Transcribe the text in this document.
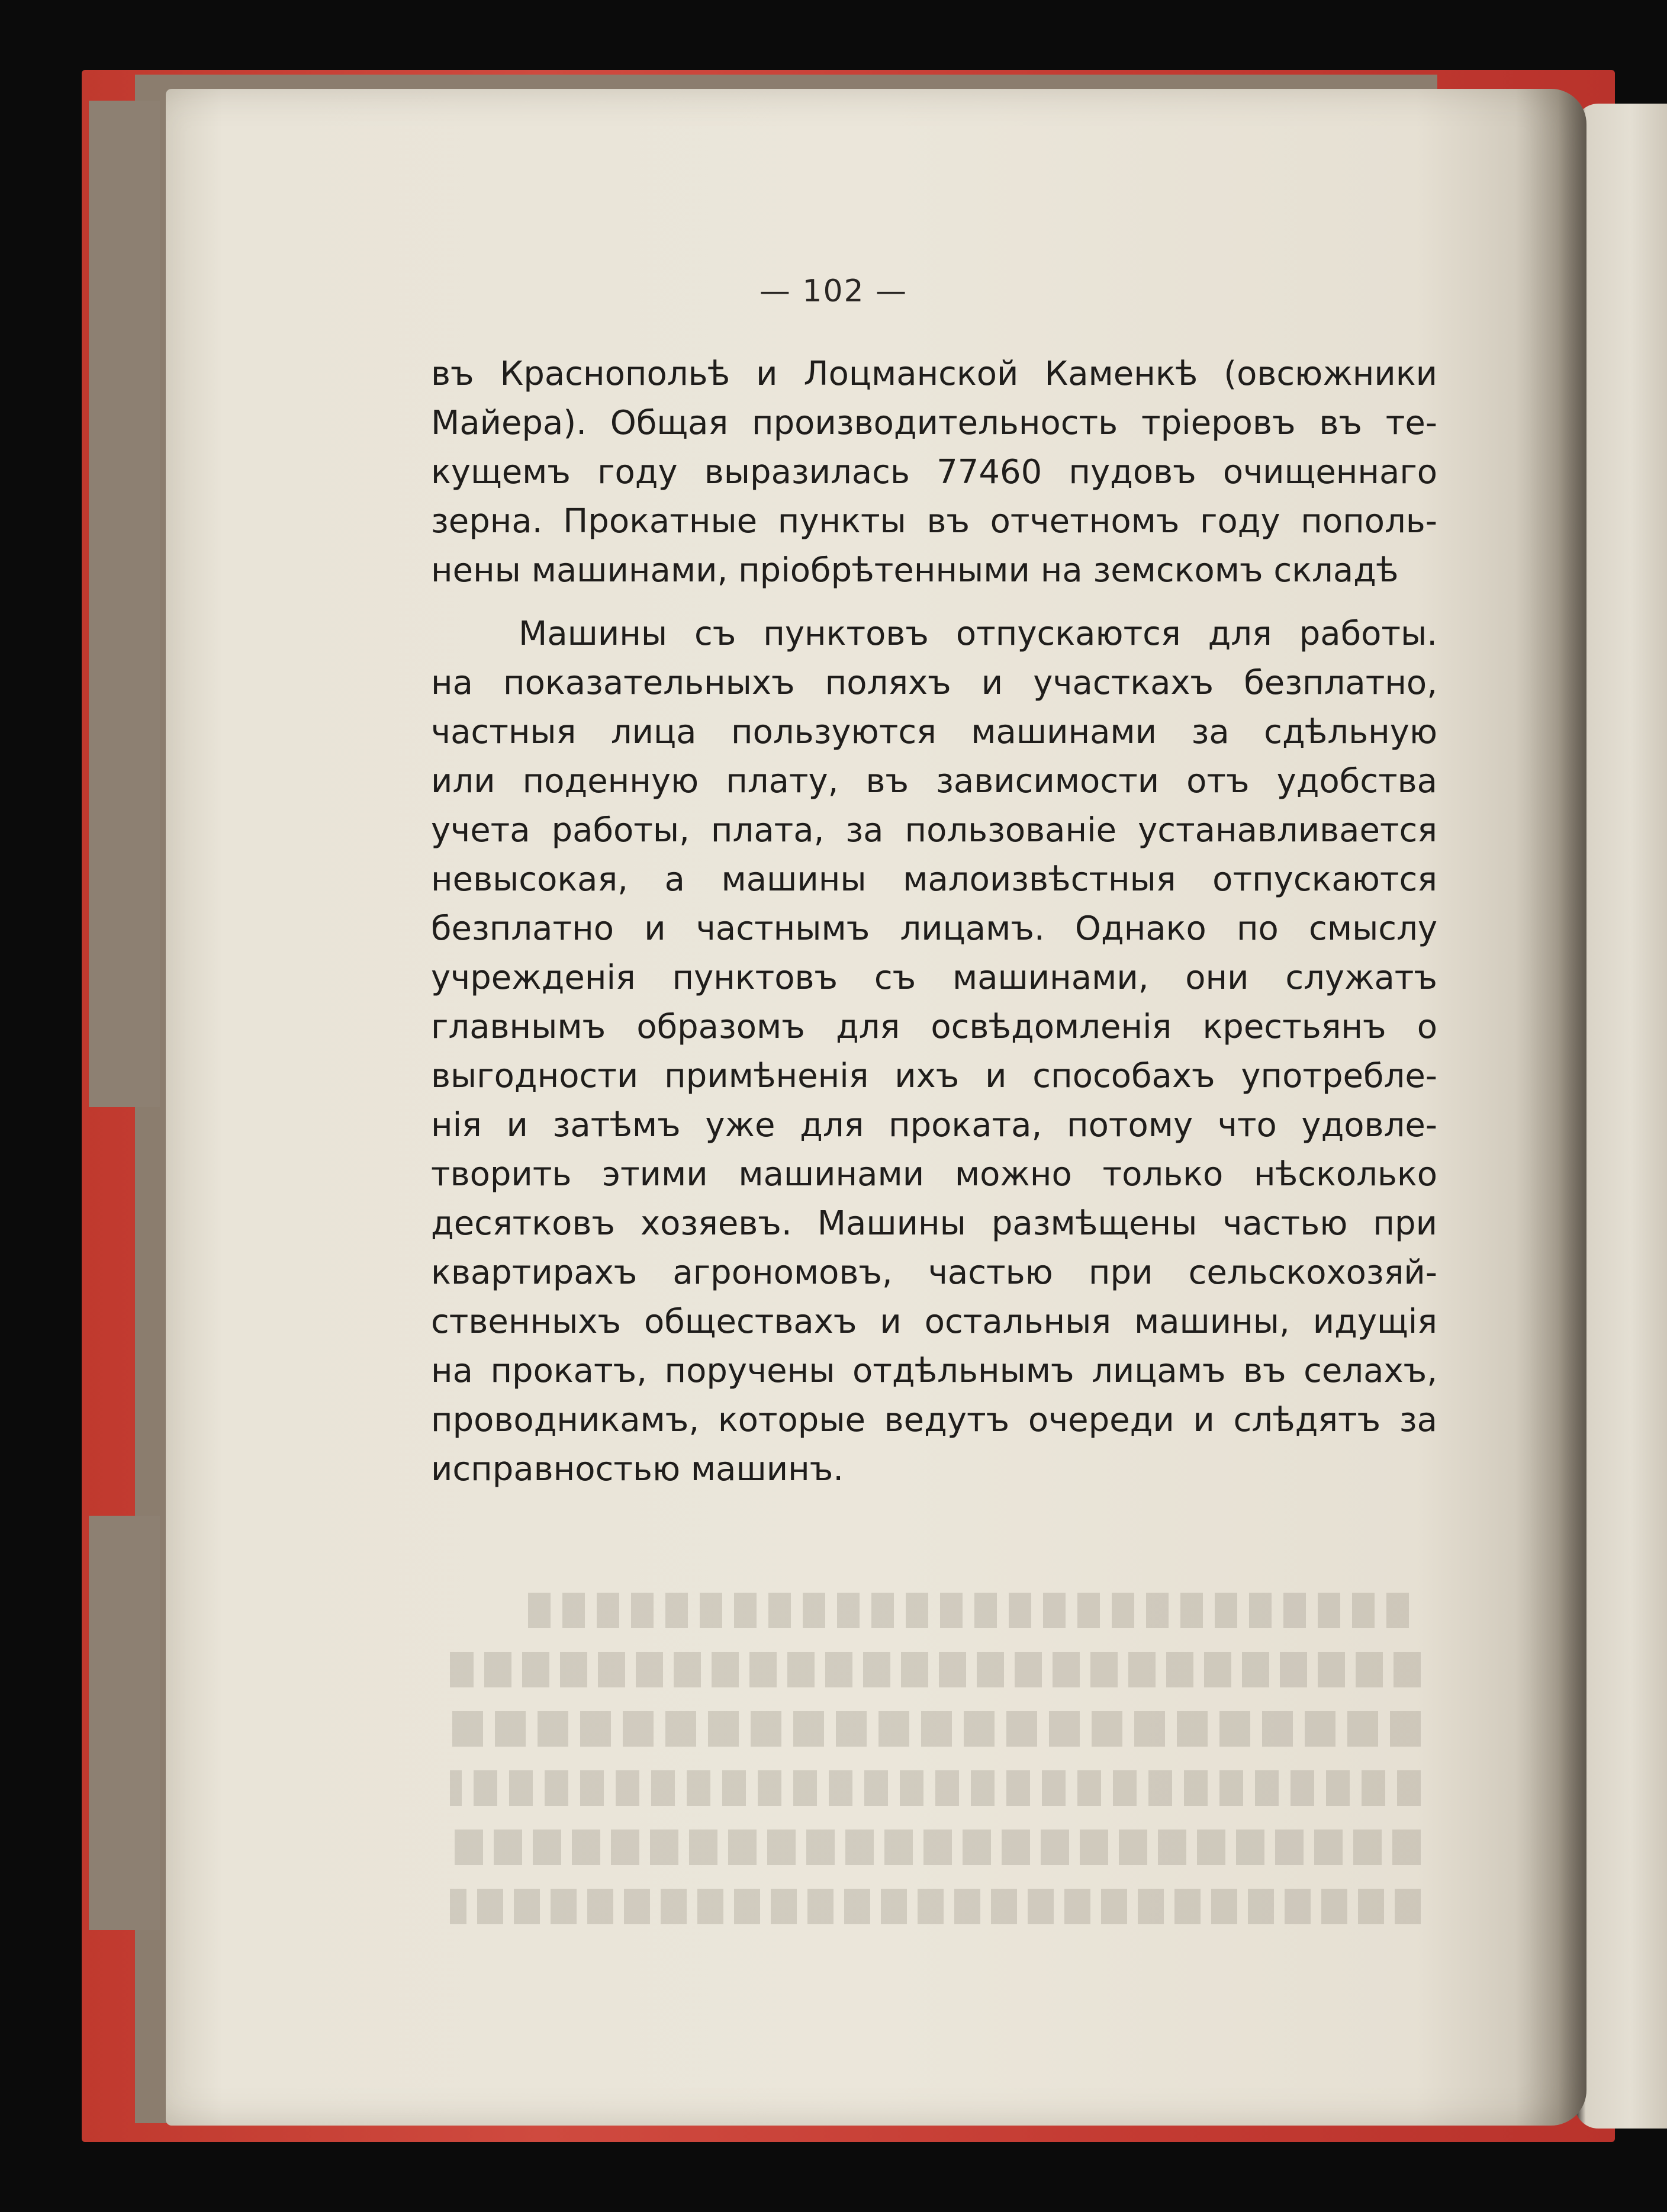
— 102 —
въ Краснопольѣ и Лоцманской Каменкѣ (овсюжники
Майера). Общая производительность тріеровъ въ те-
кущемъ году выразилась 77460 пудовъ очищеннаго
зерна. Прокатные пункты въ отчетномъ году пополь-
нены машинами, пріобрѣтенными на земскомъ складѣ
Машины съ пунктовъ отпускаются для работы.
на показательныхъ поляхъ и участкахъ безплатно,
частныя лица пользуются машинами за сдѣльную
или поденную плату, въ зависимости отъ удобства
учета работы, плата, за пользованіе устанавливается
невысокая, а машины малоизвѣстныя отпускаются
безплатно и частнымъ лицамъ. Однако по смыслу
учрежденія пунктовъ съ машинами, они служатъ
главнымъ образомъ для освѣдомленія крестьянъ о
выгодности примѣненія ихъ и способахъ употребле-
нія и затѣмъ уже для проката, потому что удовле-
творить этими машинами можно только нѣсколько
десятковъ хозяевъ. Машины размѣщены частью при
квартирахъ агрономовъ, частью при сельскохозяй-
ственныхъ обществахъ и остальныя машины, идущія
на прокатъ, поручены отдѣльнымъ лицамъ въ селахъ,
проводникамъ, которые ведутъ очереди и слѣдятъ за
исправностью машинъ.
